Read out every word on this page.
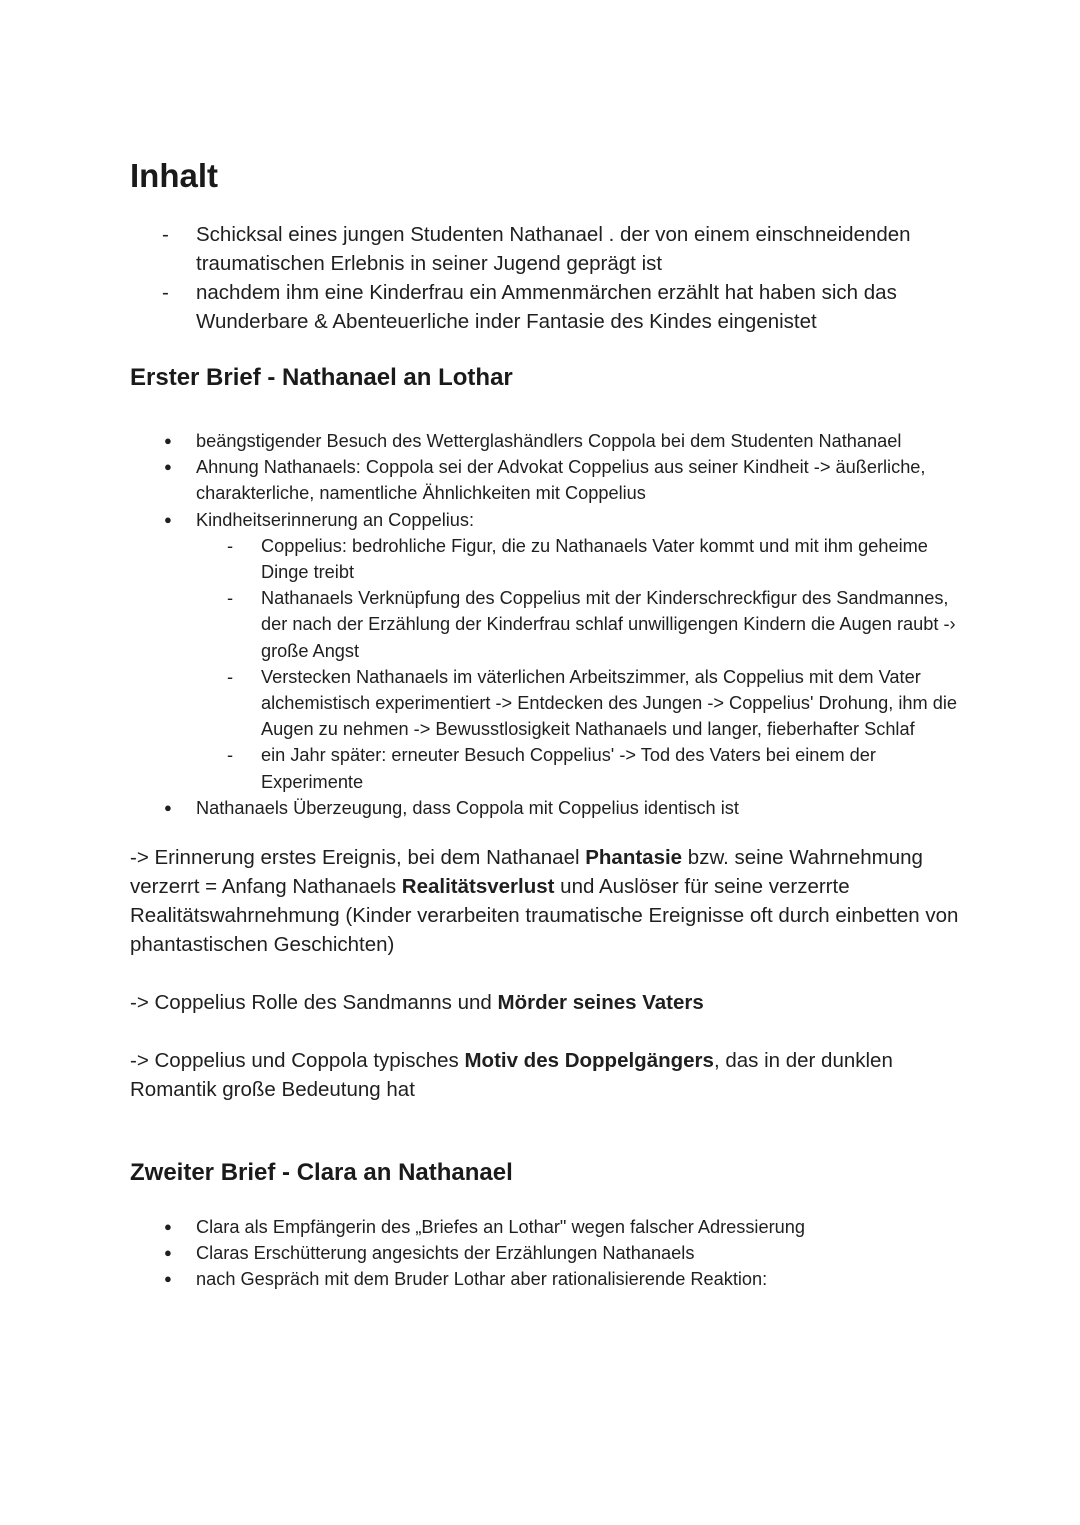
Inhalt
- Schicksal eines jungen Studenten Nathanael . der von einem einschneidenden traumatischen Erlebnis in seiner Jugend geprägt ist
- nachdem ihm eine Kinderfrau ein Ammenmärchen erzählt hat haben sich das Wunderbare & Abenteuerliche inder Fantasie des Kindes eingenistet
Erster Brief - Nathanael an Lothar
● beängstigender Besuch des Wetterglashändlers Coppola bei dem Studenten Nathanael
● Ahnung Nathanaels: Coppola sei der Advokat Coppelius aus seiner Kindheit -> äußerliche, charakterliche, namentliche Ähnlichkeiten mit Coppelius
● Kindheitserinnerung an Coppelius:
- Coppelius: bedrohliche Figur, die zu Nathanaels Vater kommt und mit ihm geheime Dinge treibt
- Nathanaels Verknüpfung des Coppelius mit der Kinderschreckfigur des Sandmannes, der nach der Erzählung der Kinderfrau schlaf unwilligengen Kindern die Augen raubt -› große Angst
- Verstecken Nathanaels im väterlichen Arbeitszimmer, als Coppelius mit dem Vater alchemistisch experimentiert -> Entdecken des Jungen -> Coppelius' Drohung, ihm die Augen zu nehmen -> Bewusstlosigkeit Nathanaels und langer, fieberhafter Schlaf
- ein Jahr später: erneuter Besuch Coppelius' -> Tod des Vaters bei einem der Experimente
● Nathanaels Überzeugung, dass Coppola mit Coppelius identisch ist

-> Erinnerung erstes Ereignis, bei dem Nathanael Phantasie bzw. seine Wahrnehmung verzerrt = Anfang Nathanaels Realitätsverlust und Auslöser für seine verzerrte Realitätswahrnehmung (Kinder verarbeiten traumatische Ereignisse oft durch einbetten von phantastischen Geschichten)

-> Coppelius Rolle des Sandmanns und Mörder seines Vaters

-> Coppelius und Coppola typisches Motiv des Doppelgängers, das in der dunklen Romantik große Bedeutung hat

Zweiter Brief - Clara an Nathanael
● Clara als Empfängerin des „Briefes an Lothar" wegen falscher Adressierung
● Claras Erschütterung angesichts der Erzählungen Nathanaels
● nach Gespräch mit dem Bruder Lothar aber rationalisierende Reaktion:
